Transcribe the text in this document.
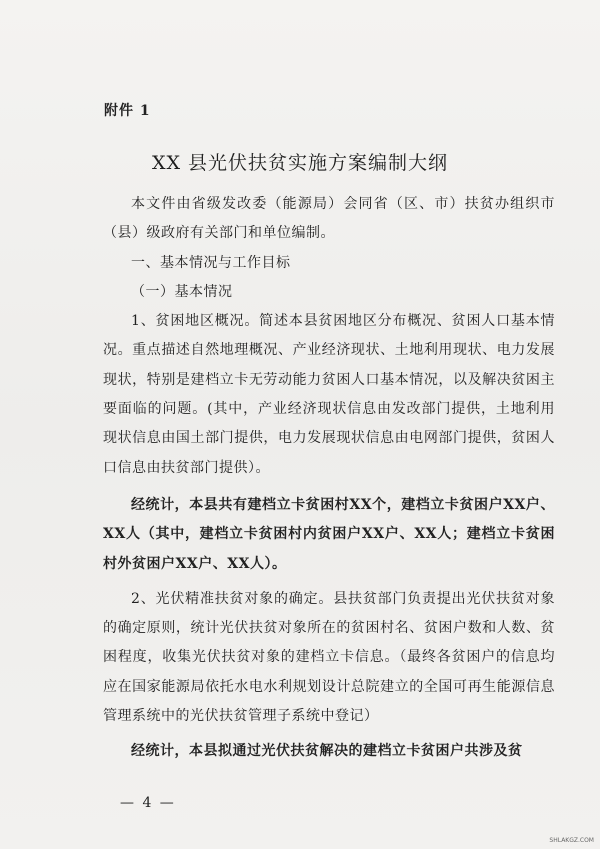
附件 1
XX 县光伏扶贫实施方案编制大纲

本文件由省级发改委（能源局）会同省（区、市）扶贫办组织市（县）级政府有关部门和单位编制。

一、基本情况与工作目标

（一）基本情况

1、贫困地区概况。简述本县贫困地区分布概况、贫困人口基本情况。重点描述自然地理概况、产业经济现状、土地利用现状、电力发展现状，特别是建档立卡无劳动能力贫困人口基本情况，以及解决贫困主要面临的问题。(其中，产业经济现状信息由发改部门提供，土地利用现状信息由国土部门提供，电力发展现状信息由电网部门提供，贫困人口信息由扶贫部门提供）。

经统计，本县共有建档立卡贫困村XX个，建档立卡贫困户XX户、XX人（其中，建档立卡贫困村内贫困户XX户、XX人；建档立卡贫困村外贫困户XX户、XX人）。

2、光伏精准扶贫对象的确定。县扶贫部门负责提出光伏扶贫对象的确定原则，统计光伏扶贫对象所在的贫困村名、贫困户数和人数、贫困程度，收集光伏扶贫对象的建档立卡信息。（最终各贫困户的信息均应在国家能源局依托水电水利规划设计总院建立的全国可再生能源信息管理系统中的光伏扶贫管理子系统中登记）

经统计，本县拟通过光伏扶贫解决的建档立卡贫困户共涉及贫

— 4 —
SHLAKGZ.COM
